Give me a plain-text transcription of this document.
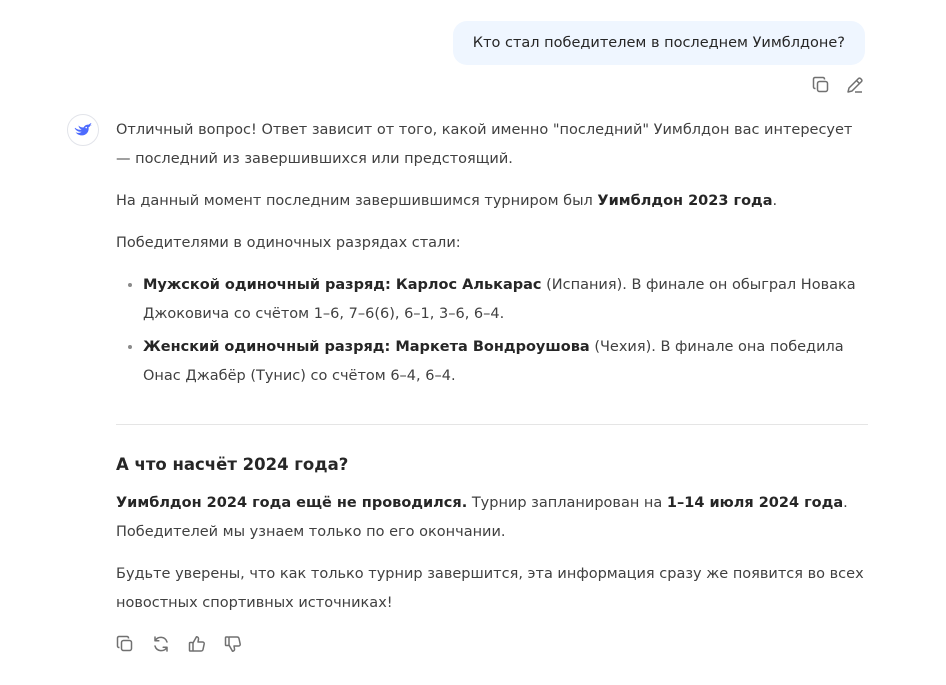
Кто стал победителем в последнем Уимблдоне?

Отличный вопрос! Ответ зависит от того, какой именно "последний" Уимблдон вас интересует — последний из завершившихся или предстоящий.

На данный момент последним завершившимся турниром был Уимблдон 2023 года.

Победителями в одиночных разрядах стали:

• Мужской одиночный разряд: Карлос Алькарас (Испания). В финале он обыграл Новака Джоковича со счётом 1–6, 7–6(6), 6–1, 3–6, 6–4.
• Женский одиночный разряд: Маркета Вондроушова (Чехия). В финале она победила Онас Джабёр (Тунис) со счётом 6–4, 6–4.
А что насчёт 2024 года?

Уимблдон 2024 года ещё не проводился. Турнир запланирован на 1–14 июля 2024 года. Победителей мы узнаем только по его окончании.

Будьте уверены, что как только турнир завершится, эта информация сразу же появится во всех новостных спортивных источниках!
